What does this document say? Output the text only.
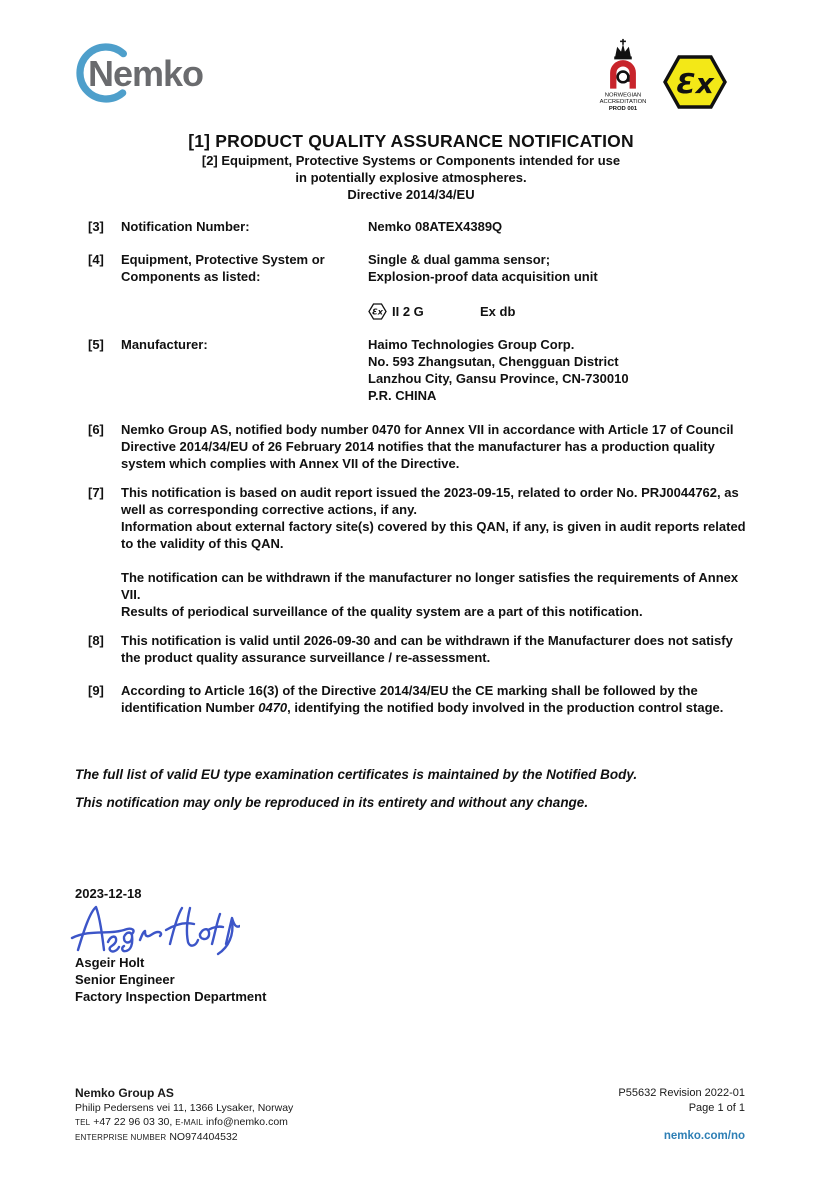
Nemko
NORWEGIAN
ACCREDITATION
PROD 001
Ɛx
[1] PRODUCT QUALITY ASSURANCE NOTIFICATION
[2] Equipment, Protective Systems or Components intended for use
in potentially explosive atmospheres.
Directive 2014/34/EU
[3]	Notification Number:	Nemko 08ATEX4389Q
[4]	Equipment, Protective System or
Components as listed:
Single & dual gamma sensor;
Explosion-proof data acquisition unit
Ɛx II 2 G	Ex db
[5]	Manufacturer:	Haimo Technologies Group Corp.
No. 593 Zhangsutan, Chengguan District
Lanzhou City, Gansu Province, CN-730010
P.R. CHINA
[6]	Nemko Group AS, notified body number 0470 for Annex VII in accordance with Article 17 of Council Directive 2014/34/EU of 26 February 2014 notifies that the manufacturer has a production quality system which complies with Annex VII of the Directive.
[7]	This notification is based on audit report issued the 2023-09-15, related to order No. PRJ0044762, as well as corresponding corrective actions, if any.
Information about external factory site(s) covered by this QAN, if any, is given in audit reports related to the validity of this QAN.
The notification can be withdrawn if the manufacturer no longer satisfies the requirements of Annex VII.
Results of periodical surveillance of the quality system are a part of this notification.
[8]	This notification is valid until 2026-09-30 and can be withdrawn if the Manufacturer does not satisfy the product quality assurance surveillance / re-assessment.
[9]	According to Article 16(3) of the Directive 2014/34/EU the CE marking shall be followed by the identification Number 0470, identifying the notified body involved in the production control stage.
The full list of valid EU type examination certificates is maintained by the Notified Body.
This notification may only be reproduced in its entirety and without any change.
2023-12-18
Asgeir Holt
Senior Engineer
Factory Inspection Department
Nemko Group AS
Philip Pedersens vei 11, 1366 Lysaker, Norway
TEL +47 22 96 03 30, E-MAIL info@nemko.com
ENTERPRISE NUMBER NO974404532
P55632 Revision 2022-01
Page 1 of 1
nemko.com/no
